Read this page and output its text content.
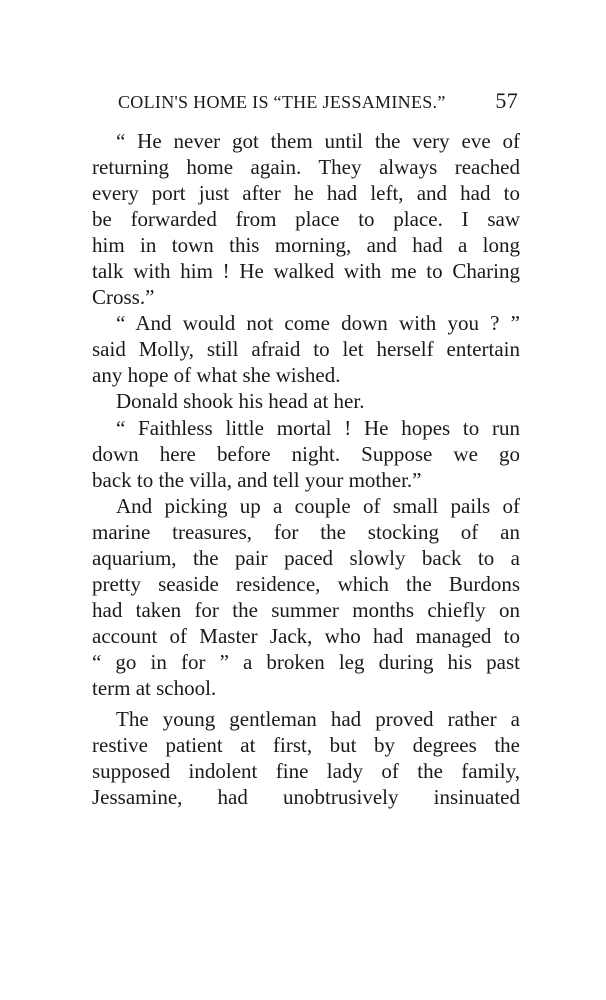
COLIN'S HOME IS “THE JESSAMINES.” 57
“ He never got them until the very eve of
returning home again. They always reached
every port just after he had left, and had to
be forwarded from place to place. I saw
him in town this morning, and had a long
talk with him ! He walked with me to Charing
Cross.”
“ And would not come down with you ? ”
said Molly, still afraid to let herself entertain
any hope of what she wished.
Donald shook his head at her.
“ Faithless little mortal ! He hopes to run
down here before night. Suppose we go
back to the villa, and tell your mother.”
And picking up a couple of small pails of
marine treasures, for the stocking of an
aquarium, the pair paced slowly back to a
pretty seaside residence, which the Burdons
had taken for the summer months chiefly on
account of Master Jack, who had managed to
“ go in for ” a broken leg during his past
term at school.
The young gentleman had proved rather a
restive patient at first, but by degrees the
supposed indolent fine lady of the family,
Jessamine, had unobtrusively insinuated
